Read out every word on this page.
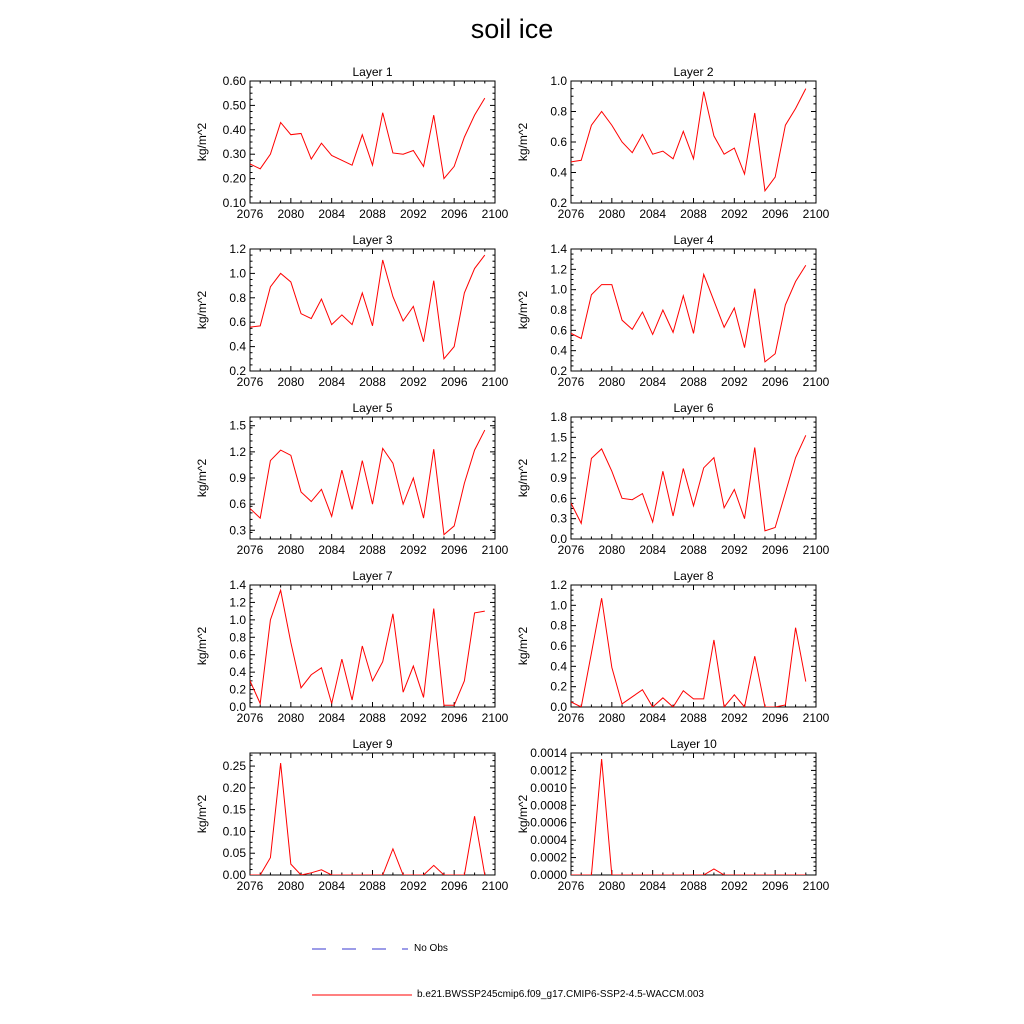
soil ice
Layer 1
2076 2080 2084 2088 2092 2096 2100
0.10
0.20
0.30
0.40
0.50
0.60
kg/m^2
Layer 2
2076 2080 2084 2088 2092 2096 2100
0.2
0.4
0.6
0.8
1.0
kg/m^2
Layer 3
2076 2080 2084 2088 2092 2096 2100
0.2
0.4
0.6
0.8
1.0
1.2
kg/m^2
Layer 4
2076 2080 2084 2088 2092 2096 2100
0.2
0.4
0.6
0.8
1.0
1.2
1.4
kg/m^2
Layer 5
2076 2080 2084 2088 2092 2096 2100
0.3
0.6
0.9
1.2
1.5
kg/m^2
Layer 6
2076 2080 2084 2088 2092 2096 2100
0.0
0.3
0.6
0.9
1.2
1.5
1.8
kg/m^2
Layer 7
2076 2080 2084 2088 2092 2096 2100
0.0
0.2
0.4
0.6
0.8
1.0
1.2
1.4
kg/m^2
Layer 8
2076 2080 2084 2088 2092 2096 2100
0.0
0.2
0.4
0.6
0.8
1.0
1.2
kg/m^2
Layer 9
2076 2080 2084 2088 2092 2096 2100
0.00
0.05
0.10
0.15
0.20
0.25
kg/m^2
Layer 10
2076 2080 2084 2088 2092 2096 2100
0.0000
0.0002
0.0004
0.0006
0.0008
0.0010
0.0012
0.0014
kg/m^2
No Obs
b.e21.BWSSP245cmip6.f09_g17.CMIP6-SSP2-4.5-WACCM.003
